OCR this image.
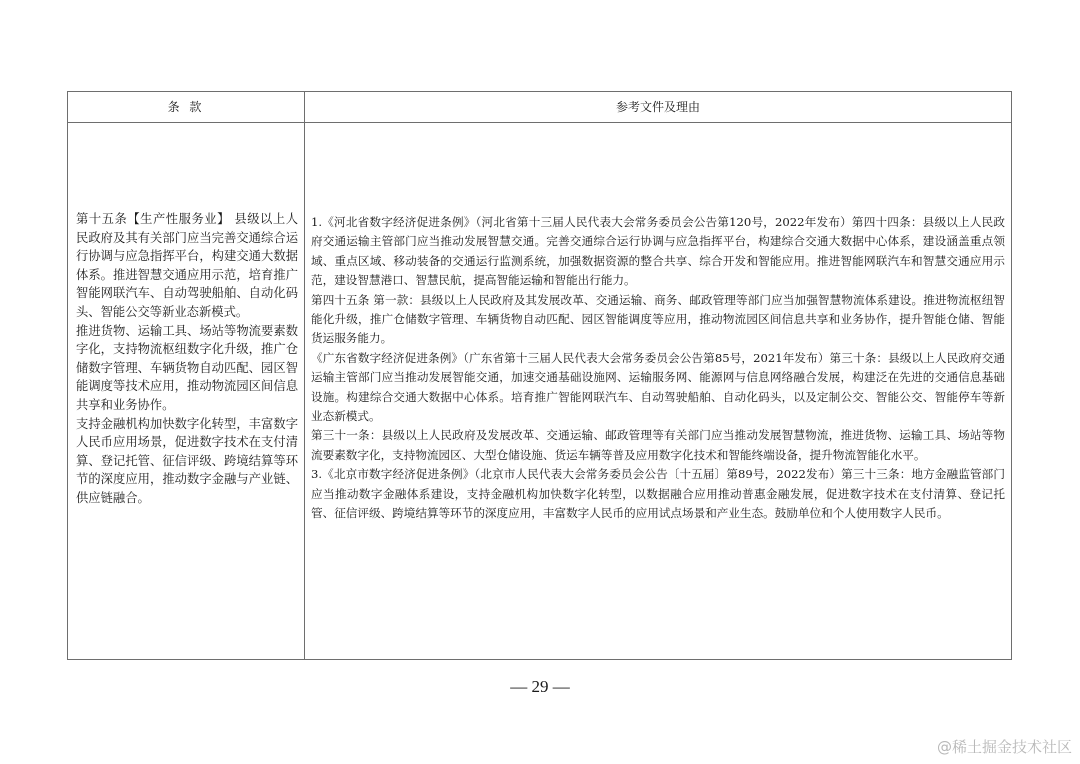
条 款	参考文件及理由

第十五条【生产性服务业】 县级以上人民政府及其有关部门应当完善交通综合运行协调与应急指挥平台，构建交通大数据体系。推进智慧交通应用示范，培育推广智能网联汽车、自动驾驶船舶、自动化码头、智能公交等新业态新模式。

推进货物、运输工具、场站等物流要素数字化，支持物流枢纽数字化升级，推广仓储数字管理、车辆货物自动匹配、园区智能调度等技术应用，推动物流园区间信息共享和业务协作。

支持金融机构加快数字化转型，丰富数字人民币应用场景，促进数字技术在支付清算、登记托管、征信评级、跨境结算等环节的深度应用，推动数字金融与产业链、供应链融合。

1.《河北省数字经济促进条例》（河北省第十三届人民代表大会常务委员会公告第120号，2022年发布）第四十四条：县级以上人民政府交通运输主管部门应当推动发展智慧交通。完善交通综合运行协调与应急指挥平台，构建综合交通大数据中心体系，建设涵盖重点领域、重点区域、移动装备的交通运行监测系统，加强数据资源的整合共享、综合开发和智能应用。推进智能网联汽车和智慧交通应用示范，建设智慧港口、智慧民航，提高智能运输和智能出行能力。

第四十五条 第一款：县级以上人民政府及其发展改革、交通运输、商务、邮政管理等部门应当加强智慧物流体系建设。推进物流枢纽智能化升级，推广仓储数字管理、车辆货物自动匹配、园区智能调度等应用，推动物流园区间信息共享和业务协作，提升智能仓储、智能货运服务能力。

《广东省数字经济促进条例》（广东省第十三届人民代表大会常务委员会公告第85号，2021年发布）第三十条：县级以上人民政府交通运输主管部门应当推动发展智能交通，加速交通基础设施网、运输服务网、能源网与信息网络融合发展，构建泛在先进的交通信息基础设施。构建综合交通大数据中心体系。培育推广智能网联汽车、自动驾驶船舶、自动化码头，以及定制公交、智能公交、智能停车等新业态新模式。

第三十一条：县级以上人民政府及发展改革、交通运输、邮政管理等有关部门应当推动发展智慧物流，推进货物、运输工具、场站等物流要素数字化，支持物流园区、大型仓储设施、货运车辆等普及应用数字化技术和智能终端设备，提升物流智能化水平。

3.《北京市数字经济促进条例》（北京市人民代表大会常务委员会公告〔十五届〕第89号，2022发布）第三十三条：地方金融监管部门应当推动数字金融体系建设，支持金融机构加快数字化转型，以数据融合应用推动普惠金融发展，促进数字技术在支付清算、登记托管、征信评级、跨境结算等环节的深度应用，丰富数字人民币的应用试点场景和产业生态。鼓励单位和个人使用数字人民币。

— 29 —
@稀土掘金技术社区
